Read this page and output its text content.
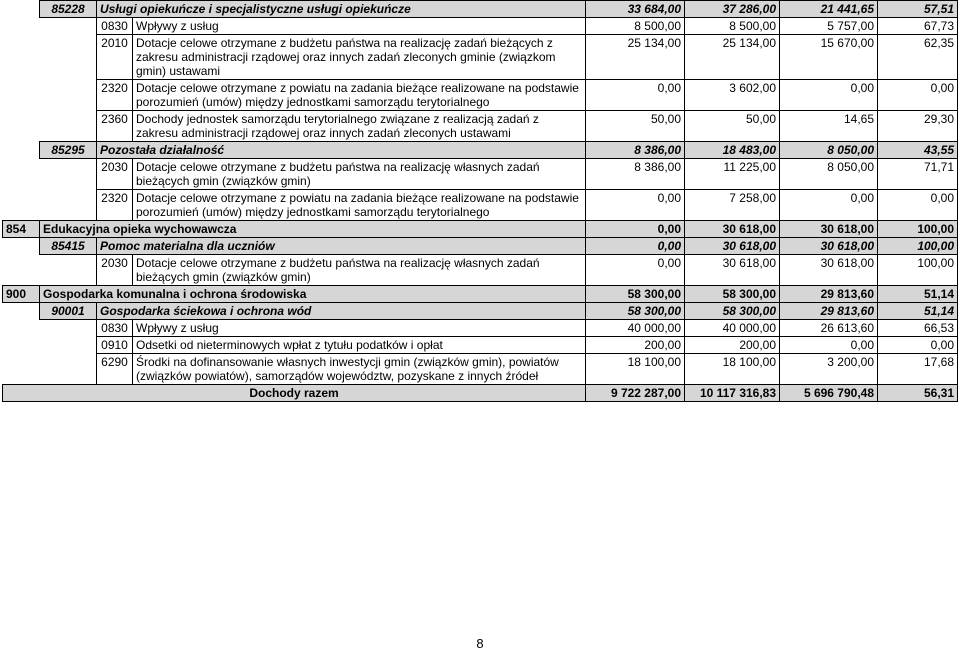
	85228	Usługi opiekuńcze i specjalistyczne usługi opiekuńcze		33 684,00	37 286,00	21 441,65	57,51
		0830	Wpływy z usług	8 500,00	8 500,00	5 757,00	67,73
		2010	Dotacje celowe otrzymane z budżetu państwa na realizację zadań bieżących z zakresu administracji rządowej oraz innych zadań zleconych gminie (związkom gmin) ustawami	25 134,00	25 134,00	15 670,00	62,35
		2320	Dotacje celowe otrzymane z powiatu na zadania bieżące realizowane na podstawie porozumień (umów) między jednostkami samorządu terytorialnego	0,00	3 602,00	0,00	0,00
		2360	Dochody jednostek samorządu terytorialnego związane z realizacją zadań z zakresu administracji rządowej oraz innych zadań zleconych ustawami	50,00	50,00	14,65	29,30
	85295	Pozostała działalność		8 386,00	18 483,00	8 050,00	43,55
		2030	Dotacje celowe otrzymane z budżetu państwa na realizację własnych zadań bieżących gmin (związków gmin)	8 386,00	11 225,00	8 050,00	71,71
		2320	Dotacje celowe otrzymane z powiatu na zadania bieżące realizowane na podstawie porozumień (umów) między jednostkami samorządu terytorialnego	0,00	7 258,00	0,00	0,00
854	Edukacyjna opieka wychowawcza			0,00	30 618,00	30 618,00	100,00
	85415	Pomoc materialna dla uczniów		0,00	30 618,00	30 618,00	100,00
		2030	Dotacje celowe otrzymane z budżetu państwa na realizację własnych zadań bieżących gmin (związków gmin)	0,00	30 618,00	30 618,00	100,00
900	Gospodarka komunalna i ochrona środowiska			58 300,00	58 300,00	29 813,60	51,14
	90001	Gospodarka ściekowa i ochrona wód		58 300,00	58 300,00	29 813,60	51,14
		0830	Wpływy z usług	40 000,00	40 000,00	26 613,60	66,53
		0910	Odsetki od nieterminowych wpłat z tytułu podatków i opłat	200,00	200,00	0,00	0,00
		6290	Środki na dofinansowanie własnych inwestycji gmin (związków gmin), powiatów (związków powiatów), samorządów województw, pozyskane z innych źródeł	18 100,00	18 100,00	3 200,00	17,68
Dochody razem				9 722 287,00	10 117 316,83	5 696 790,48	56,31
8
